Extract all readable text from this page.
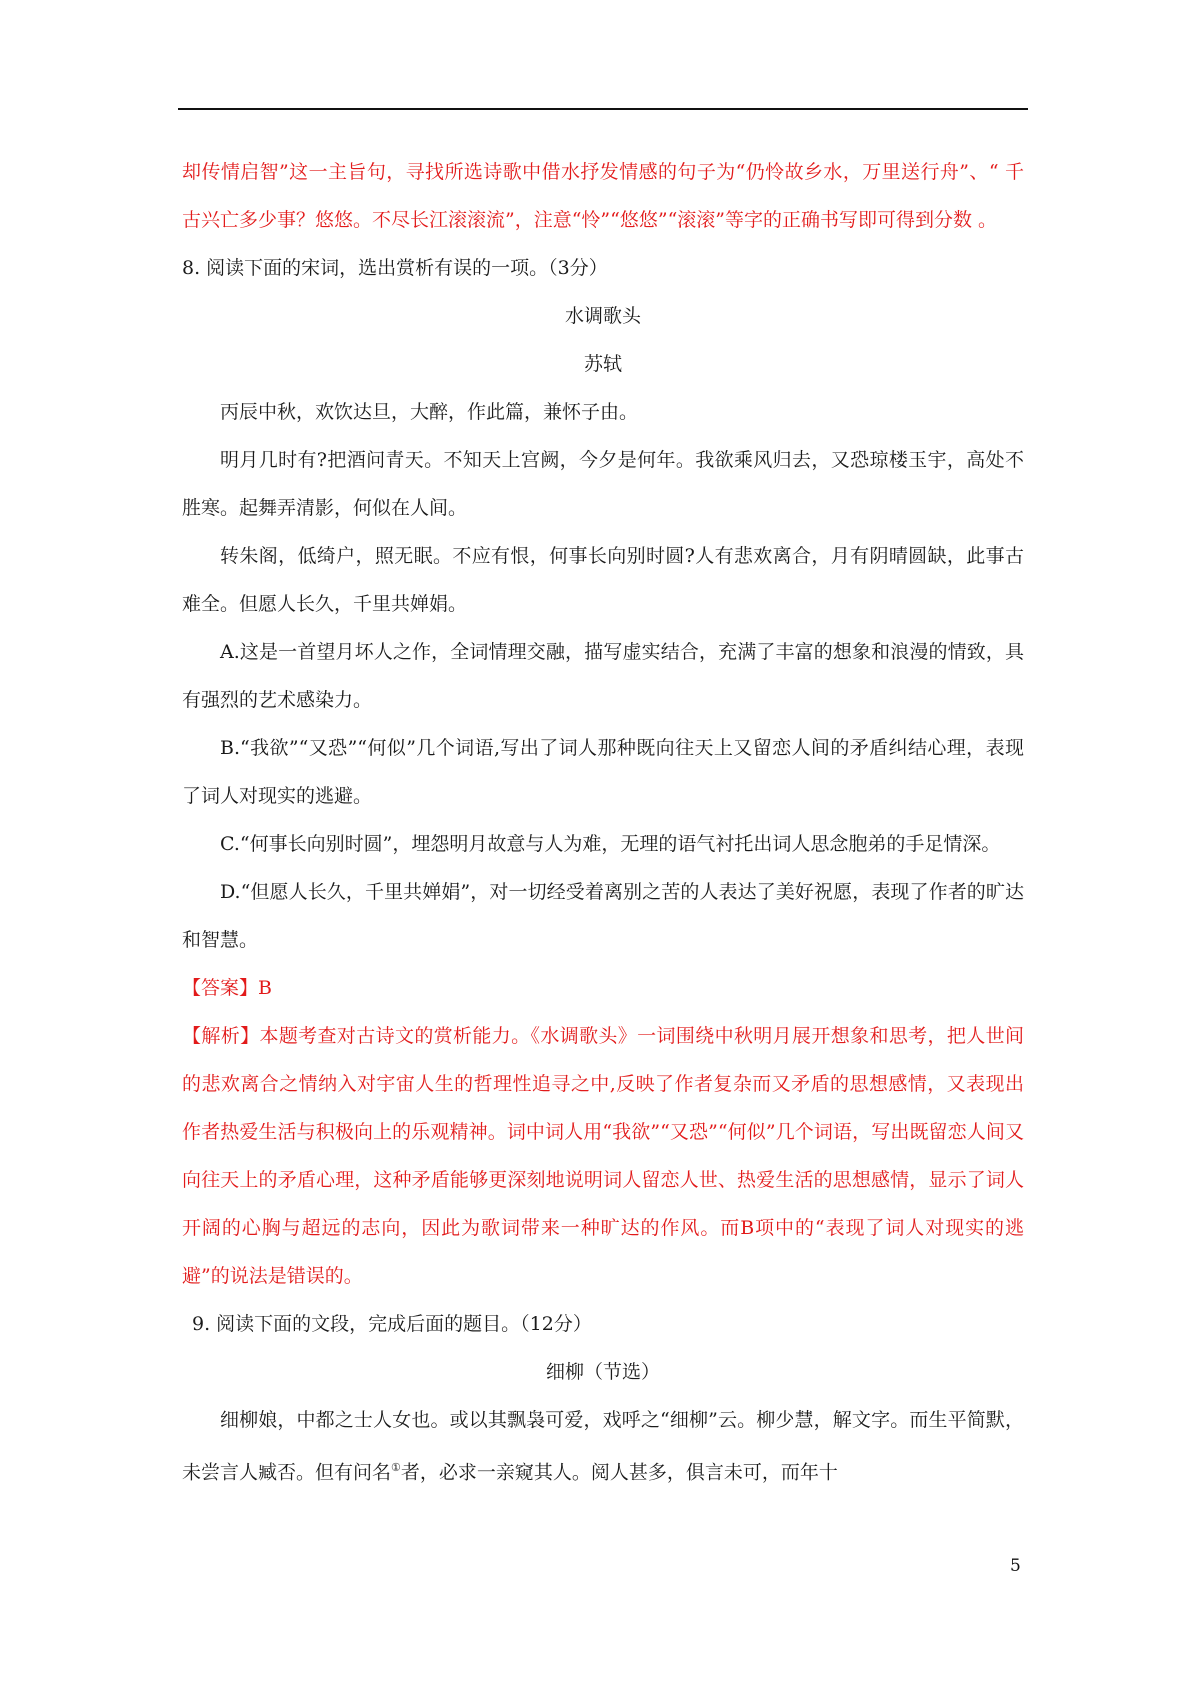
却传情启智”这一主旨句，寻找所选诗歌中借水抒发情感的句子为“仍怜故乡水，万里送行舟”、“ 千古兴亡多少事？悠悠。不尽长江滚滚流”，注意“怜”“悠悠”“滚滚”等字的正确书写即可得到分数 。

8. 阅读下面的宋词，选出赏析有误的一项。（3分）

水调歌头

苏轼

丙辰中秋，欢饮达旦，大醉，作此篇，兼怀子由。

明月几时有?把酒问青天。不知天上宫阙，今夕是何年。我欲乘风归去，又恐琼楼玉宇，高处不胜寒。起舞弄清影，何似在人间。

转朱阁，低绮户，照无眠。不应有恨，何事长向别时圆?人有悲欢离合，月有阴晴圆缺，此事古难全。但愿人长久，千里共婵娟。

A.这是一首望月坏人之作，全词情理交融，描写虚实结合，充满了丰富的想象和浪漫的情致，具有强烈的艺术感染力。

B.“我欲”“又恐”“何似”几个词语,写出了词人那种既向往天上又留恋人间的矛盾纠结心理，表现了词人对现实的逃避。

C.“何事长向别时圆”，埋怨明月故意与人为难，无理的语气衬托出词人思念胞弟的手足情深。

D.“但愿人长久，千里共婵娟”，对一切经受着离别之苦的人表达了美好祝愿，表现了作者的旷达和智慧。

【答案】B

【解析】本题考查对古诗文的赏析能力。《水调歌头》一词围绕中秋明月展开想象和思考，把人世间的悲欢离合之情纳入对宇宙人生的哲理性追寻之中,反映了作者复杂而又矛盾的思想感情，又表现出作者热爱生活与积极向上的乐观精神。词中词人用“我欲”“又恐”“何似”几个词语，写出既留恋人间又向往天上的矛盾心理，这种矛盾能够更深刻地说明词人留恋人世、热爱生活的思想感情，显示了词人开阔的心胸与超远的志向，因此为歌词带来一种旷达的作风。而B项中的“表现了词人对现实的逃避”的说法是错误的。

9. 阅读下面的文段，完成后面的题目。（12分）

细柳（节选）

细柳娘，中都之士人女也。或以其飘袅可爱，戏呼之“细柳”云。柳少慧，解文字。而生平简默，未尝言人臧否。但有问名①者，必求一亲窥其人。阅人甚多，俱言未可，而年十

5
